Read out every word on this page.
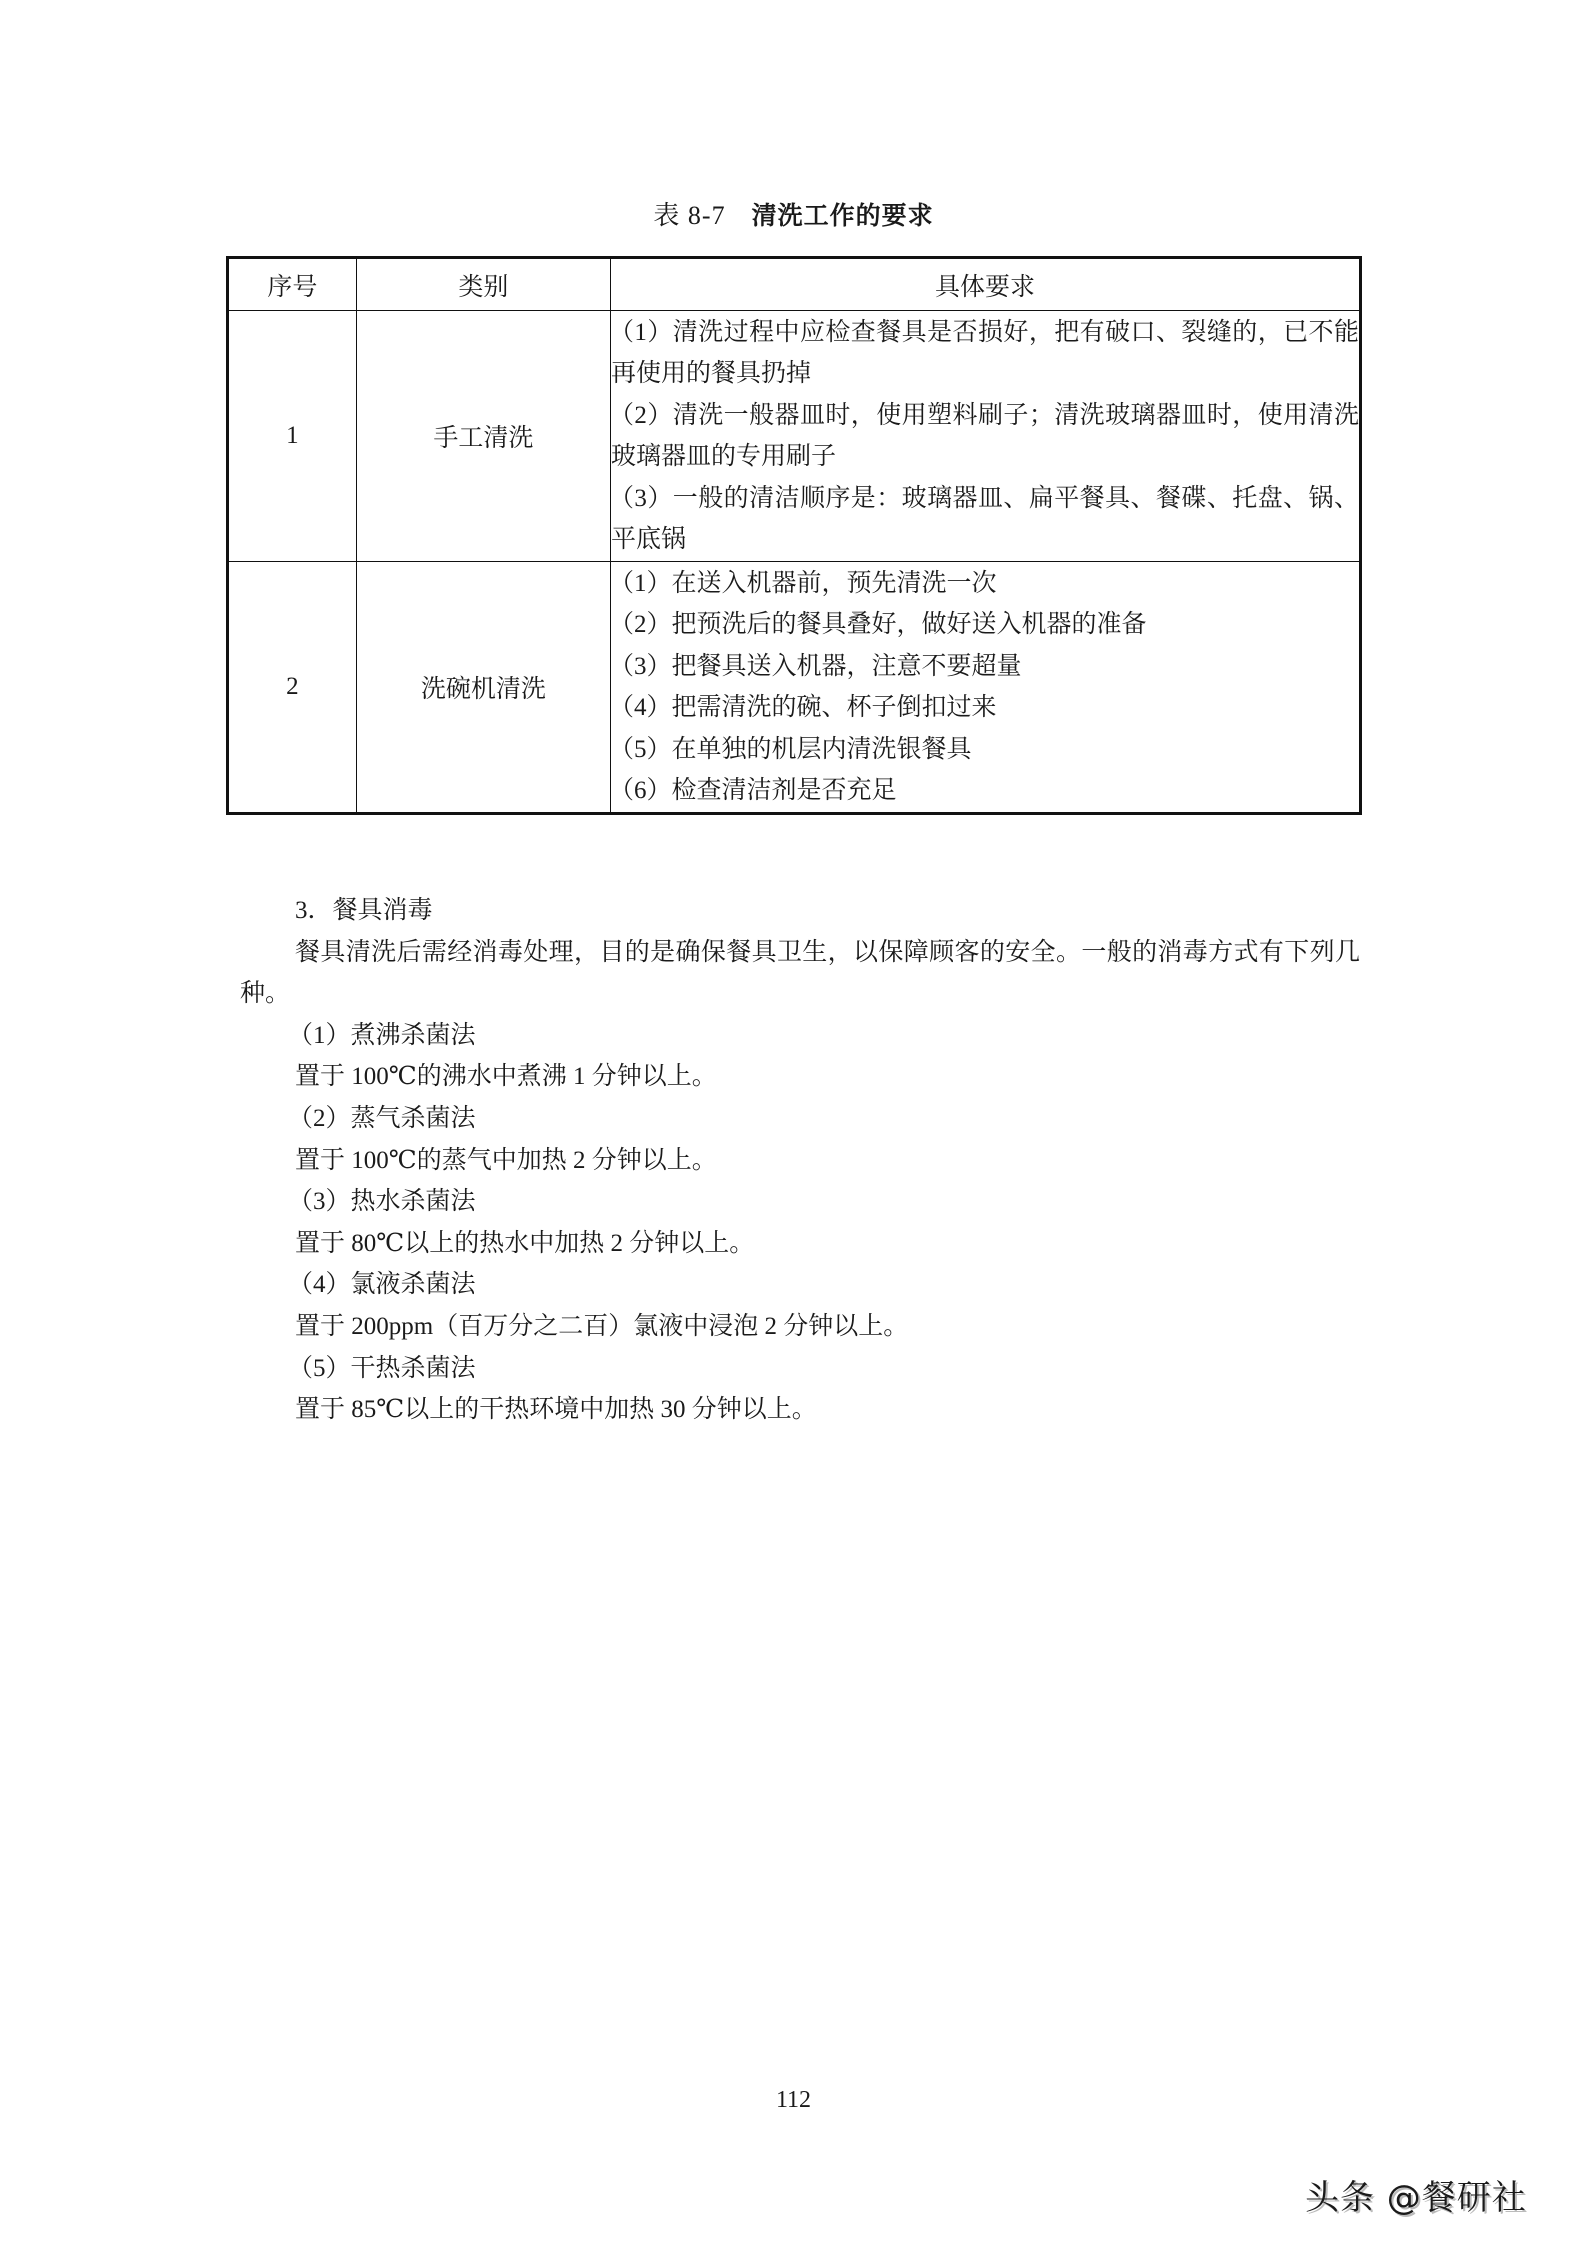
表 8-7 清洗工作的要求
序号	类别	具体要求
1	手工清洗	（1）清洗过程中应检查餐具是否损好，把有破口、裂缝的，已不能再使用的餐具扔掉
（2）清洗一般器皿时，使用塑料刷子；清洗玻璃器皿时，使用清洗玻璃器皿的专用刷子
（3）一般的清洁顺序是：玻璃器皿、扁平餐具、餐碟、托盘、锅、平底锅

2	洗碗机清洗	
（1）在送入机器前，预先清洗一次
（2）把预洗后的餐具叠好，做好送入机器的准备
（3）把餐具送入机器，注意不要超量
（4）把需清洗的碗、杯子倒扣过来
（5）在单独的机层内清洗银餐具
（6）检查清洁剂是否充足
3．餐具消毒
餐具清洗后需经消毒处理，目的是确保餐具卫生，以保障顾客的安全。一般的消毒方式有下列几种。
（1）煮沸杀菌法
置于 100℃的沸水中煮沸 1 分钟以上。
（2）蒸气杀菌法
置于 100℃的蒸气中加热 2 分钟以上。
（3）热水杀菌法
置于 80℃以上的热水中加热 2 分钟以上。
（4）氯液杀菌法
置于 200ppm（百万分之二百）氯液中浸泡 2 分钟以上。
（5）干热杀菌法
置于 85℃以上的干热环境中加热 30 分钟以上。
112
头条 @餐研社
